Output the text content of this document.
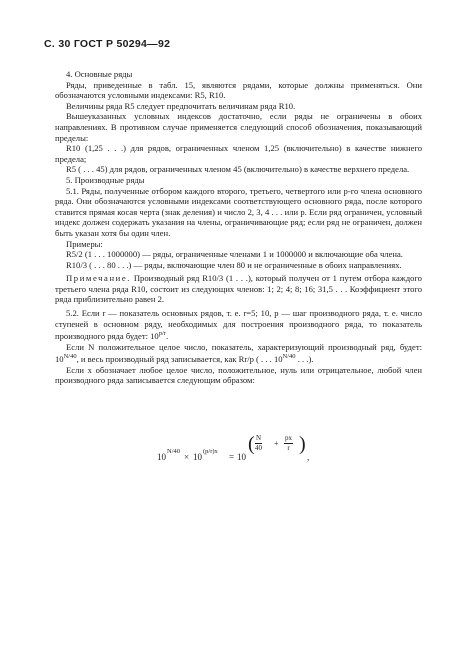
С. 30 ГОСТ Р 50294—92

4. Основные ряды

Ряды, приведенные в табл. 15, являются рядами, которые должны применяться. Они обозначаются условными индексами: R5, R10.

Величины ряда R5 следует предпочитать величинам ряда R10.

Вышеуказанных условных индексов достаточно, если ряды не ограничены в обоих направлениях. В противном случае применяется следующий способ обозначения, показывающий пределы:

R10 (1,25 . . .) для рядов, ограниченных членом 1,25 (включительно) в качестве нижнего предела;

R5 ( . . . 45) для рядов, ограниченных членом 45 (включительно) в качестве верхнего предела.

5. Производные ряды

5.1. Ряды, полученные отбором каждого второго, третьего, четвертого или p-го члена основного ряда. Они обозначаются условными индексами соответствующего основного ряда, после которого ставится прямая косая черта (знак деления) и число 2, 3, 4 . . . или p. Если ряд ограничен, условный индекс должен содержать указания на члены, ограничивающие ряд; если ряд не ограничен, должен быть указан хотя бы один член.

Примеры:

R5/2 (1 . . . 1000000) — ряды, ограниченные членами 1 и 1000000 и включающие оба члена.

R10/3 ( . . . 80 . . .) — ряды, включающие член 80 и не ограниченные в обоих направлениях.

Примечание. Производный ряд R10/3 (1 . . .), который получен от 1 путем отбора каждого третьего члена ряда R10, состоит из следующих членов: 1; 2; 4; 8; 16; 31,5 . . . Коэффициент этого ряда приблизительно равен 2.

5.2. Если r — показатель основных рядов, т. е. r=5; 10, p — шаг производного ряда, т. е. число ступеней в основном ряду, необходимых для построения производного ряда, то показатель производного ряда будет: $10^{p/r}$.

Если N положительное целое число, показатель, характеризующий производный ряд, будет: $10^{N/40}$, и весь производный ряд записывается, как Rr/p ( . . . $10^{N/40}$ . . .).

Если x обозначает любое целое число, положительное, нуль или отрицательное, любой член производного ряда записывается следующим образом:

10
N/40
× 10
(p/r)x
= 10
( $\frac{N}{40} + \frac{px}{r}$ )
,
